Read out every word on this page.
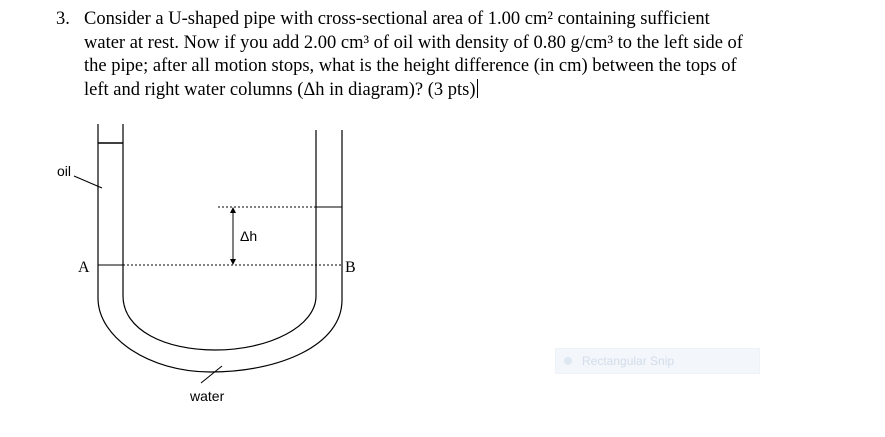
3. Consider a U-shaped pipe with cross-sectional area of 1.00 cm² containing sufficient
water at rest. Now if you add 2.00 cm³ of oil with density of 0.80 g/cm³ to the left side of
the pipe; after all motion stops, what is the height difference (in cm) between the tops of
left and right water columns (Δh in diagram)? (3 pts)
oil
A	B
Δh
water
Rectangular Snip
